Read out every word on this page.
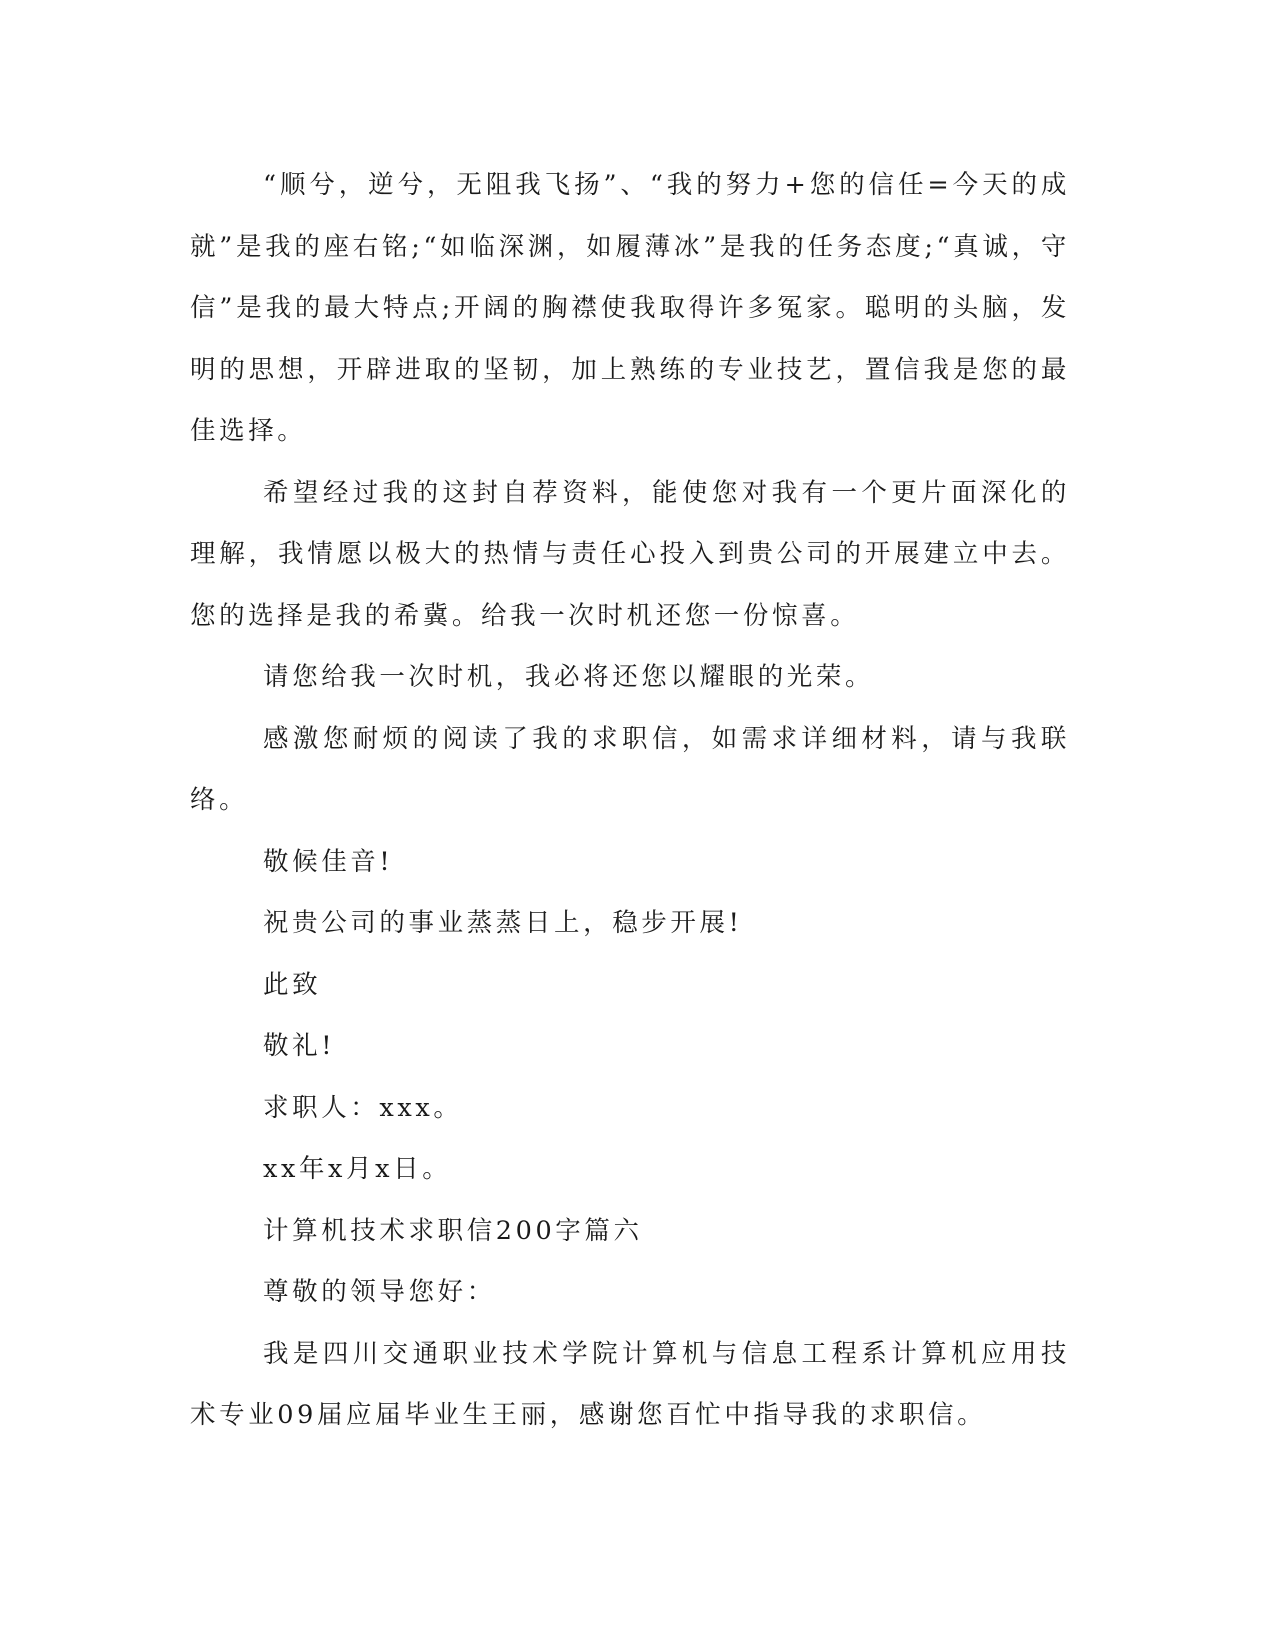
“顺兮，逆兮，无阻我飞扬”、“我的努力+您的信任=今天的成就”是我的座右铭;“如临深渊，如履薄冰”是我的任务态度;“真诚，守信”是我的最大特点;开阔的胸襟使我取得许多冤家。聪明的头脑，发明的思想，开辟进取的坚韧，加上熟练的专业技艺，置信我是您的最佳选择。

希望经过我的这封自荐资料，能使您对我有一个更片面深化的理解，我情愿以极大的热情与责任心投入到贵公司的开展建立中去。您的选择是我的希冀。给我一次时机还您一份惊喜。

请您给我一次时机，我必将还您以耀眼的光荣。

感激您耐烦的阅读了我的求职信，如需求详细材料，请与我联络。

敬候佳音!

祝贵公司的事业蒸蒸日上，稳步开展!

此致

敬礼!

求职人：xxx。

xx年x月x日。

计算机技术求职信200字篇六

尊敬的领导您好：

我是四川交通职业技术学院计算机与信息工程系计算机应用技术专业09届应届毕业生王丽，感谢您百忙中指导我的求职信。
